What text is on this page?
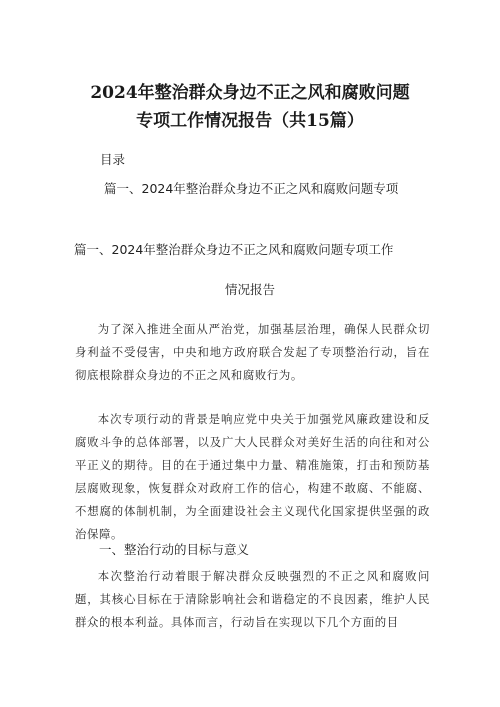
2024年整治群众身边不正之风和腐败问题
专项工作情况报告（共15篇）
目录
篇一、2024年整治群众身边不正之风和腐败问题专项
篇一、2024年整治群众身边不正之风和腐败问题专项工作
情况报告
为了深入推进全面从严治党，加强基层治理，确保人民群众切身利益不受侵害，中央和地方政府联合发起了专项整治行动，旨在彻底根除群众身边的不正之风和腐败行为。
本次专项行动的背景是响应党中央关于加强党风廉政建设和反腐败斗争的总体部署，以及广大人民群众对美好生活的向往和对公平正义的期待。目的在于通过集中力量、精准施策，打击和预防基层腐败现象，恢复群众对政府工作的信心，构建不敢腐、不能腐、不想腐的体制机制，为全面建设社会主义现代化国家提供坚强的政治保障。
一、整治行动的目标与意义
本次整治行动着眼于解决群众反映强烈的不正之风和腐败问题，其核心目标在于清除影响社会和谐稳定的不良因素，维护人民群众的根本利益。具体而言，行动旨在实现以下几个方面的目
